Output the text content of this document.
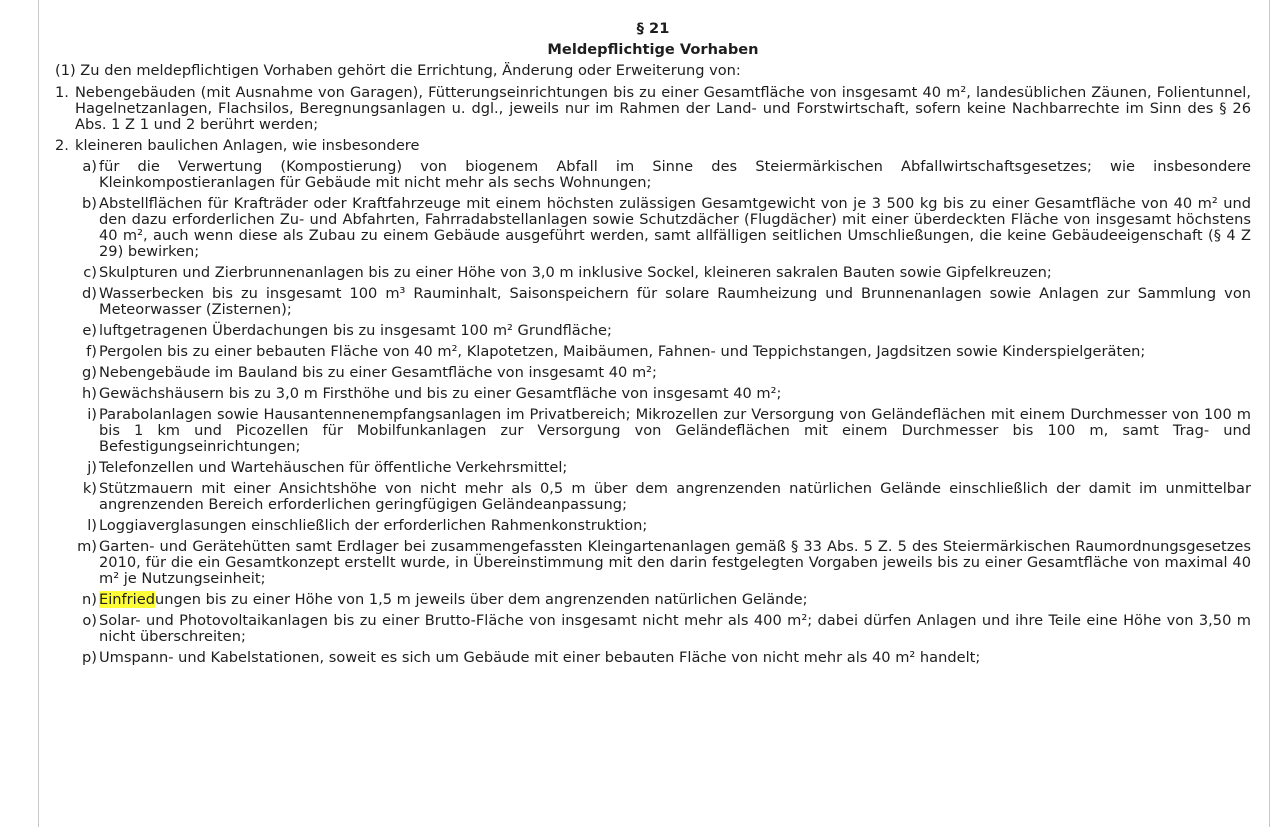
§ 21
Meldepflichtige Vorhaben
(1) Zu den meldepflichtigen Vorhaben gehört die Errichtung, Änderung oder Erweiterung von:
1. Nebengebäuden (mit Ausnahme von Garagen), Fütterungseinrichtungen bis zu einer Gesamtfläche von insgesamt 40 m², landesüblichen Zäunen, Folientunnel, Hagelnetzanlagen, Flachsilos, Beregnungsanlagen u. dgl., jeweils nur im Rahmen der Land- und Forstwirtschaft, sofern keine Nachbarrechte im Sinn des § 26 Abs. 1 Z 1 und 2 berührt werden;
2. kleineren baulichen Anlagen, wie insbesondere
a) für die Verwertung (Kompostierung) von biogenem Abfall im Sinne des Steiermärkischen Abfallwirtschaftsgesetzes; wie insbesondere Kleinkompostieranlagen für Gebäude mit nicht mehr als sechs Wohnungen;
b) Abstellflächen für Krafträder oder Kraftfahrzeuge mit einem höchsten zulässigen Gesamtgewicht von je 3 500 kg bis zu einer Gesamtfläche von 40 m² und den dazu erforderlichen Zu- und Abfahrten, Fahrradabstellanlagen sowie Schutzdächer (Flugdächer) mit einer überdeckten Fläche von insgesamt höchstens 40 m², auch wenn diese als Zubau zu einem Gebäude ausgeführt werden, samt allfälligen seitlichen Umschließungen, die keine Gebäudeeigenschaft (§ 4 Z 29) bewirken;
c) Skulpturen und Zierbrunnenanlagen bis zu einer Höhe von 3,0 m inklusive Sockel, kleineren sakralen Bauten sowie Gipfelkreuzen;
d) Wasserbecken bis zu insgesamt 100 m³ Rauminhalt, Saisonspeichern für solare Raumheizung und Brunnenanlagen sowie Anlagen zur Sammlung von Meteorwasser (Zisternen);
e) luftgetragenen Überdachungen bis zu insgesamt 100 m² Grundfläche;
f) Pergolen bis zu einer bebauten Fläche von 40 m², Klapotetzen, Maibäumen, Fahnen- und Teppichstangen, Jagdsitzen sowie Kinderspielgeräten;
g) Nebengebäude im Bauland bis zu einer Gesamtfläche von insgesamt 40 m²;
h) Gewächshäusern bis zu 3,0 m Firsthöhe und bis zu einer Gesamtfläche von insgesamt 40 m²;
i) Parabolanlagen sowie Hausantennenempfangsanlagen im Privatbereich; Mikrozellen zur Versorgung von Geländeflächen mit einem Durchmesser von 100 m bis 1 km und Picozellen für Mobilfunkanlagen zur Versorgung von Geländeflächen mit einem Durchmesser bis 100 m, samt Trag- und Befestigungseinrichtungen;
j) Telefonzellen und Wartehäuschen für öffentliche Verkehrsmittel;
k) Stützmauern mit einer Ansichtshöhe von nicht mehr als 0,5 m über dem angrenzenden natürlichen Gelände einschließlich der damit im unmittelbar angrenzenden Bereich erforderlichen geringfügigen Geländeanpassung;
l) Loggiaverglasungen einschließlich der erforderlichen Rahmenkonstruktion;
m) Garten- und Gerätehütten samt Erdlager bei zusammengefassten Kleingartenanlagen gemäß § 33 Abs. 5 Z. 5 des Steiermärkischen Raumordnungsgesetzes 2010, für die ein Gesamtkonzept erstellt wurde, in Übereinstimmung mit den darin festgelegten Vorgaben jeweils bis zu einer Gesamtfläche von maximal 40 m² je Nutzungseinheit;
n) Einfriedungen bis zu einer Höhe von 1,5 m jeweils über dem angrenzenden natürlichen Gelände;
o) Solar- und Photovoltaikanlagen bis zu einer Brutto-Fläche von insgesamt nicht mehr als 400 m²; dabei dürfen Anlagen und ihre Teile eine Höhe von 3,50 m nicht überschreiten;
p) Umspann- und Kabelstationen, soweit es sich um Gebäude mit einer bebauten Fläche von nicht mehr als 40 m² handelt;
